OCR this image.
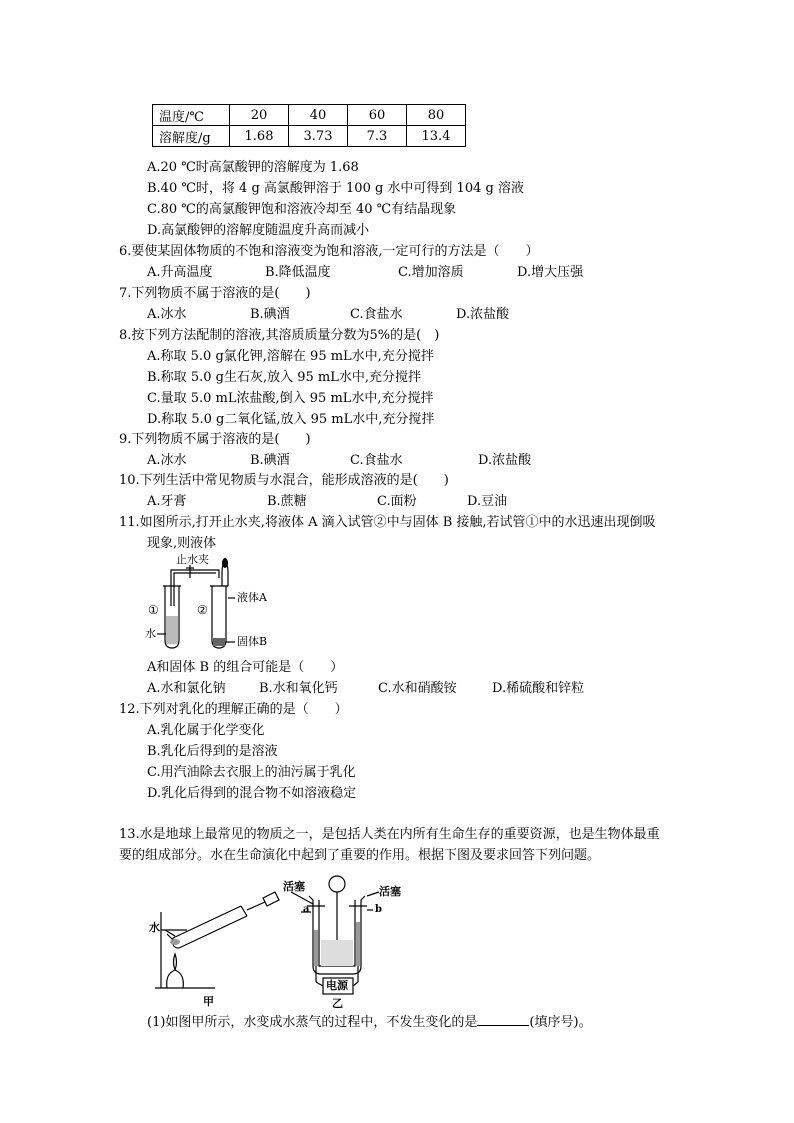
温度/℃	20	40	60	80
溶解度/g	1.68	3.73	7.3	13.4
A.20 ℃时高氯酸钾的溶解度为 1.68
B.40 ℃时，将 4 g 高氯酸钾溶于 100 g 水中可得到 104 g 溶液
C.80 ℃的高氯酸钾饱和溶液冷却至 40 ℃有结晶现象
D.高氯酸钾的溶解度随温度升高而减小
6.要使某固体物质的不饱和溶液变为饱和溶液,一定可行的方法是（　　）
A.升高温度	B.降低温度	C.增加溶质	D.增大压强
7.下列物质不属于溶液的是(　　)
A.冰水	B.碘酒	C.食盐水	D.浓盐酸
8.按下列方法配制的溶液,其溶质质量分数为5%的是(　)
A.称取 5.0 g氯化钾,溶解在 95 mL水中,充分搅拌
B.称取 5.0 g生石灰,放入 95 mL水中,充分搅拌
C.量取 5.0 mL浓盐酸,倒入 95 mL水中,充分搅拌
D.称取 5.0 g二氧化锰,放入 95 mL水中,充分搅拌
9.下列物质不属于溶液的是(　　)
A.冰水	B.碘酒	C.食盐水	D.浓盐酸
10.下列生活中常见物质与水混合，能形成溶液的是(　　)
A.牙膏	B.蔗糖	C.面粉	D.豆油
11.如图所示,打开止水夹,将液体 A 滴入试管②中与固体 B 接触,若试管①中的水迅速出现倒吸
现象,则液体
止水夹
①	②
液体A
水
固体B
A和固体 B 的组合可能是（　　）
A.水和氯化钠	B.水和氧化钙	C.水和硝酸铵	D.稀硫酸和锌粒
12.下列对乳化的理解正确的是（　　）
A.乳化属于化学变化
B.乳化后得到的是溶液
C.用汽油除去衣服上的油污属于乳化
D.乳化后得到的混合物不如溶液稳定
13.水是地球上最常见的物质之一，是包括人类在内所有生命生存的重要资源，也是生物体最重
要的组成部分。水在生命演化中起到了重要的作用。根据下图及要求回答下列问题。
水
甲
活塞	活塞
a	b
电源
乙
(1)如图甲所示，水变成水蒸气的过程中，不发生变化的是	(填序号)。
